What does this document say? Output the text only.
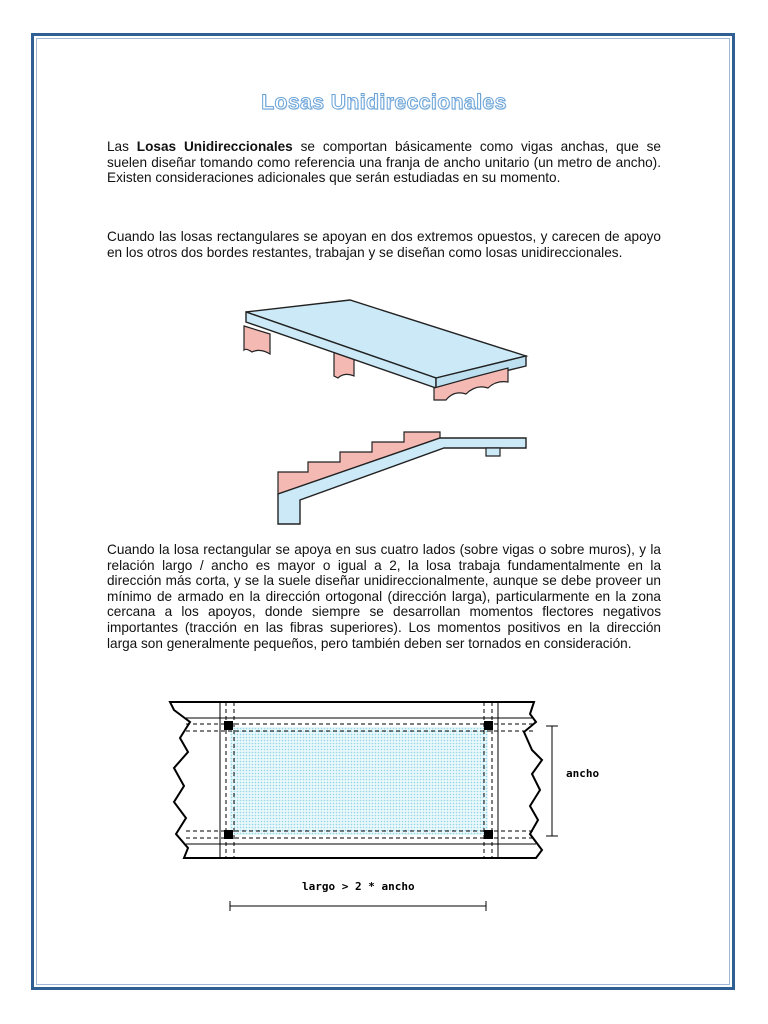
Losas Unidireccionales

Las Losas Unidireccionales se comportan básicamente como vigas anchas, que se suelen diseñar tomando como referencia una franja de ancho unitario (un metro de ancho). Existen consideraciones adicionales que serán estudiadas en su momento.

Cuando las losas rectangulares se apoyan en dos extremos opuestos, y carecen de apoyo en los otros dos bordes restantes, trabajan y se diseñan como losas unidireccionales.

Cuando la losa rectangular se apoya en sus cuatro lados (sobre vigas o sobre muros), y la relación largo / ancho es mayor o igual a 2, la losa trabaja fundamentalmente en la dirección más corta, y se la suele diseñar unidireccionalmente, aunque se debe proveer un mínimo de armado en la dirección ortogonal (dirección larga), particularmente en la zona cercana a los apoyos, donde siempre se desarrollan momentos flectores negativos importantes (tracción en las fibras superiores). Los momentos positivos en la dirección larga son generalmente pequeños, pero también deben ser tornados en consideración.

ancho
largo > 2 * ancho
